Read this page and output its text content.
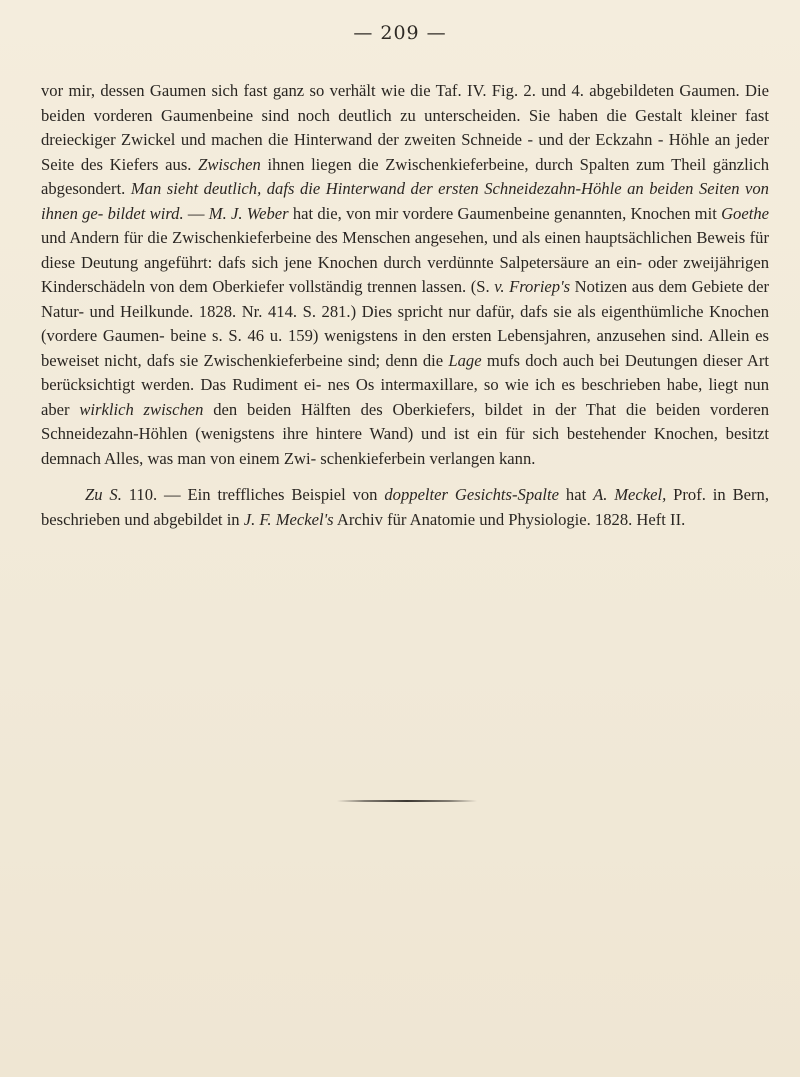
— 209 —

vor mir, dessen Gaumen sich fast ganz so verhält wie die Taf. IV. Fig. 2. und 4. abgebildeten Gaumen. Die beiden vorderen Gaumenbeine sind noch deutlich zu unterscheiden. Sie haben die Gestalt kleiner fast dreieckiger Zwickel und machen die Hinterwand der zweiten Schneide - und der Eckzahn - Höhle an jeder Seite des Kiefers aus. Zwischen ihnen liegen die Zwischenkieferbeine, durch Spalten zum Theil gänzlich abgesondert. Man sieht deutlich, dafs die Hinterwand der ersten Schneidezahn-Höhle an beiden Seiten von ihnen ge- bildet wird. — M. J. Weber hat die, von mir vordere Gaumenbeine genannten, Knochen mit Goethe und Andern für die Zwischenkieferbeine des Menschen angesehen, und als einen hauptsächlichen Beweis für diese Deutung angeführt: dafs sich jene Knochen durch verdünnte Salpetersäure an ein- oder zweijährigen Kinderschädeln von dem Oberkiefer vollständig trennen lassen. (S. v. Froriep's Notizen aus dem Gebiete der Natur- und Heilkunde. 1828. Nr. 414. S. 281.) Dies spricht nur dafür, dafs sie als eigenthümliche Knochen (vordere Gaumen- beine s. S. 46 u. 159) wenigstens in den ersten Lebensjahren, anzusehen sind. Allein es beweiset nicht, dafs sie Zwischenkieferbeine sind; denn die Lage mufs doch auch bei Deutungen dieser Art berücksichtigt werden. Das Rudiment ei- nes Os intermaxillare, so wie ich es beschrieben habe, liegt nun aber wirklich zwischen den beiden Hälften des Oberkiefers, bildet in der That die beiden vorderen Schneidezahn-Höhlen (wenigstens ihre hintere Wand) und ist ein für sich bestehender Knochen, besitzt demnach Alles, was man von einem Zwi- schenkieferbein verlangen kann.

Zu S. 110. — Ein treffliches Beispiel von doppelter Gesichts-Spalte hat A. Meckel, Prof. in Bern, beschrieben und abgebildet in J. F. Meckel's Archiv für Anatomie und Physiologie. 1828. Heft II.
